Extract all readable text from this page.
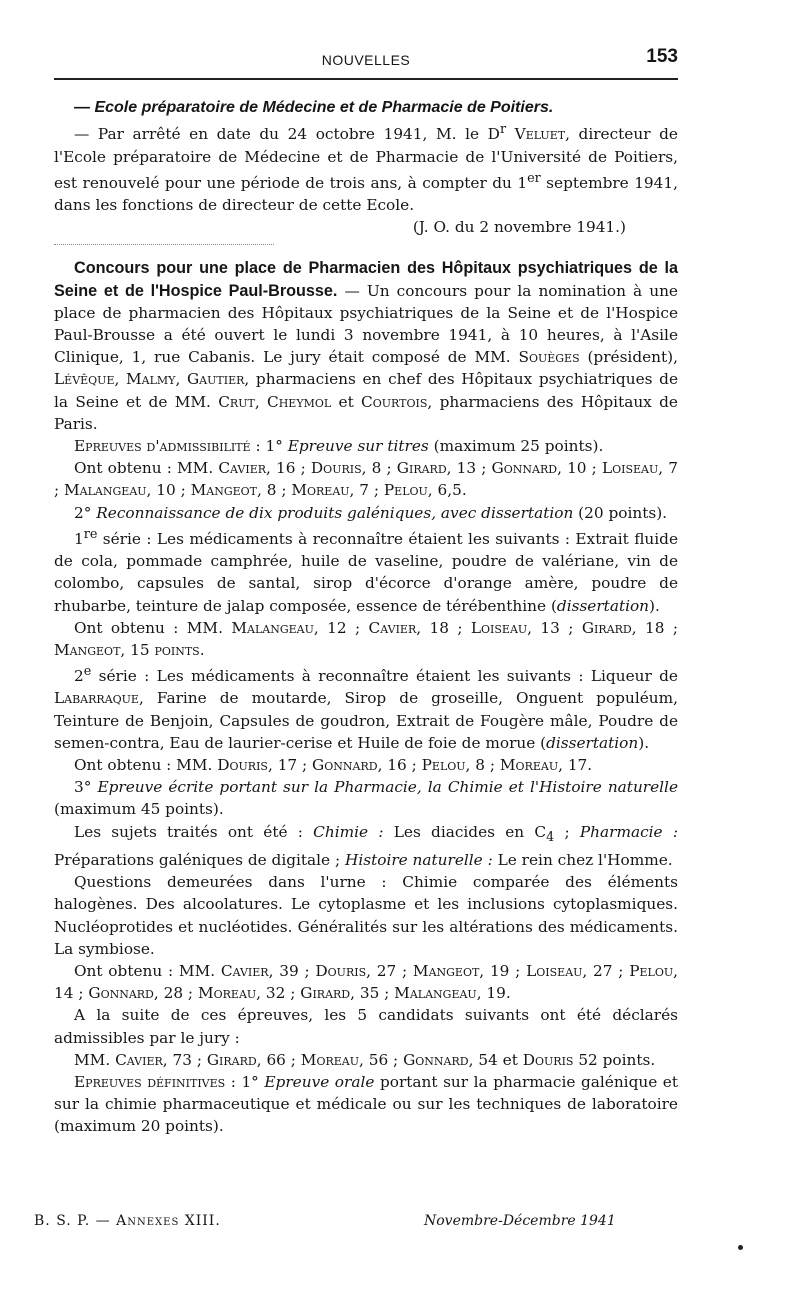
NOUVELLES	153

— Ecole préparatoire de Médecine et de Pharmacie de Poitiers.

— Par arrêté en date du 24 octobre 1941, M. le $D^r$ Veluet, directeur de l'Ecole préparatoire de Médecine et de Pharmacie de l'Université de Poitiers, est renouvelé pour une période de trois ans, à compter du 1er septembre 1941, dans les fonctions de directeur de cette Ecole.

(J. O. du 2 novembre 1941.)

Concours pour une place de Pharmacien des Hôpitaux psychiatriques de la Seine et de l'Hospice Paul-Brousse. — Un concours pour la nomination à une place de pharmacien des Hôpitaux psychiatriques de la Seine et de l'Hospice Paul-Brousse a été ouvert le lundi 3 novembre 1941, à 10 heures, à l'Asile Clinique, 1, rue Cabanis. Le jury était composé de MM. Souèges (président), Lévêque, Malmy, Gautier, pharmaciens en chef des Hôpitaux psychiatriques de la Seine et de MM. Crut, Cheymol et Courtois, pharmaciens des Hôpitaux de Paris.

Epreuves d'admissibilité : 1° Epreuve sur titres (maximum 25 points).

Ont obtenu : MM. Cavier, 16 ; Douris, 8 ; Girard, 13 ; Gonnard, 10 ; Loiseau, 7 ; Malangeau, 10 ; Mangeot, 8 ; Moreau, 7 ; Pelou, 6,5.

2° Reconnaissance de dix produits galéniques, avec dissertation (20 points).

1re série : Les médicaments à reconnaître étaient les suivants : Extrait fluide de cola, pommade camphrée, huile de vaseline, poudre de valériane, vin de colombo, capsules de santal, sirop d'écorce d'orange amère, poudre de rhubarbe, teinture de jalap composée, essence de térébenthine (dissertation).

Ont obtenu : MM. Malangeau, 12 ; Cavier, 18 ; Loiseau, 13 ; Girard, 18 ; Mangeot, 15 points.

2e série : Les médicaments à reconnaître étaient les suivants : Liqueur de Labarraque, Farine de moutarde, Sirop de groseille, Onguent populéum, Teinture de Benjoin, Capsules de goudron, Extrait de Fougère mâle, Poudre de semen-contra, Eau de laurier-cerise et Huile de foie de morue (dissertation).

Ont obtenu : MM. Douris, 17 ; Gonnard, 16 ; Pelou, 8 ; Moreau, 17.

3° Epreuve écrite portant sur la Pharmacie, la Chimie et l'Histoire naturelle (maximum 45 points).

Les sujets traités ont été : Chimie : Les diacides en $C_4$ ; Pharmacie : Préparations galéniques de digitale ; Histoire naturelle : Le rein chez l'Homme.

Questions demeurées dans l'urne : Chimie comparée des éléments halogènes. Des alcoolatures. Le cytoplasme et les inclusions cytoplasmiques. Nucléoprotides et nucléotides. Généralités sur les altérations des médicaments. La symbiose.

Ont obtenu : MM. Cavier, 39 ; Douris, 27 ; Mangeot, 19 ; Loiseau, 27 ; Pelou, 14 ; Gonnard, 28 ; Moreau, 32 ; Girard, 35 ; Malangeau, 19.

A la suite de ces épreuves, les 5 candidats suivants ont été déclarés admissibles par le jury :

MM. Cavier, 73 ; Girard, 66 ; Moreau, 56 ; Gonnard, 54 et Douris 52 points.

Epreuves définitives : 1° Epreuve orale portant sur la pharmacie galénique et sur la chimie pharmaceutique et médicale ou sur les techniques de laboratoire (maximum 20 points).

B. S. P. — Annexes XIII.	Novembre-Décembre 1941
